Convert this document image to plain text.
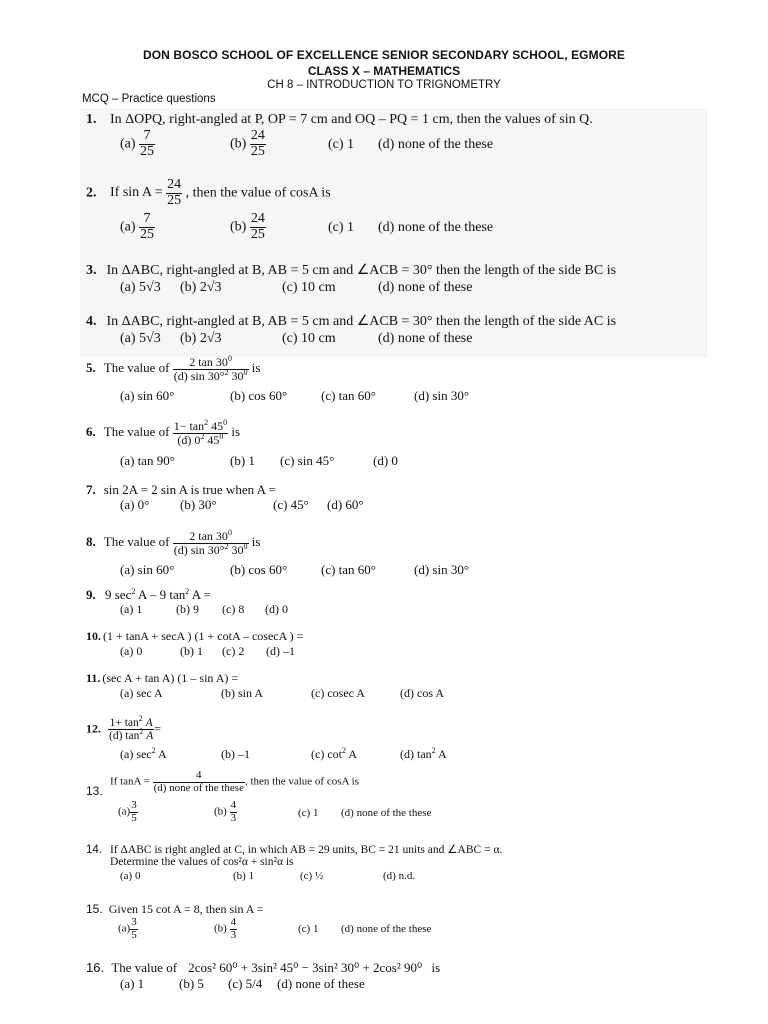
DON BOSCO SCHOOL OF EXCELLENCE SENIOR SECONDARY SCHOOL, EGMORE
CLASS X – MATHEMATICS
CH 8 – INTRODUCTION TO TRIGNOMETRY
MCQ – Practice questions
1. In ΔOPQ, right-angled at P, OP = 7 cm and OQ – PQ = 1 cm, then the values of sin Q.
$(a) \frac{7}{25}$	$(b) \frac{24}{25}$	(c) 1 (d) none of the these
2. If $\sin A = \frac{24}{25}$ , then the value of cosA is
$(a) \frac{7}{25}$	$(b) \frac{24}{25}$	(c) 1 (d) none of the these
3. In ΔABC, right-angled at B, AB = 5 cm and ∠ACB = 30° then the length of the side BC is
(a) 5√3 (b) 2√3	(c) 10 cm	(d) none of these
4. In ΔABC, right-angled at B, AB = 5 cm and ∠ACB = 30° then the length of the side AC is
(a) 5√3 (b) 2√3	(c) 10 cm	(d) none of these
5. The value of $\frac{2 \tan 30^0}{(d) \sin 30^\circ^2 30^0}$ is
(a) sin 60°	(b) cos 60°	(c) tan 60°	(d) sin 30°
6. The value of $\frac{1- \tan^2 45^0}{(d) 0^2 45^0}$ is
(a) tan 90°	(b) 1 (c) sin 45°	(d) 0
7. sin 2A = 2 sin A is true when A =
(a) 0° (b) 30°	(c) 45° (d) 60°
8. The value of $\frac{2 \tan 30^0}{(d) \sin 30^\circ^2 30^0}$ is
(a) sin 60°	(b) cos 60°	(c) tan 60°	(d) sin 30°
9. 9 $\sec^2 A - 9$ $\tan^2 A$ =
(a) 1	(b) 9 (c) 8 (d) 0
10. (1 + tanA + secA ) (1 + cotA – cosecA ) =
(a) 0	(b) 1 (c) 2 (d) –1
11. (sec A + tan A) (1 – sin A) =
(a) sec A	(b) sin A	(c) cosec A	(d) cos A
12. $\frac{1+ \tan^2 A}{(d) \tan^2 A}$ =
(a) $\sec^2 A$	(b) –1	(c) $\cot^2 A$	(d) $\tan^2 A$
If $\tan A = \frac{4}{\text{(d) none of the these}}$ , then the value of cosA is
13.
$(a) \frac{3}{5}$	$(b) \frac{4}{3}$	(c) 1 (d) none of the these
14. If ΔABC is right angled at C, in which AB = 29 units, BC = 21 units and ∠ABC = α.
Determine the values of cos²α + sin²α is
(a) 0	(b) 1	(c) ½	(d) n.d.
15. Given 15 cot A = 8, then sin A =
$(a) \frac{3}{5}$	$(b) \frac{4}{3}$	(c) 1 (d) none of the these
16. The value of 2cos² 60⁰ + 3sin² 45⁰ − 3sin² 30⁰ + 2cos² 90⁰ is
(a) 1	(b) 5 (c) 5/4 (d) none of these
